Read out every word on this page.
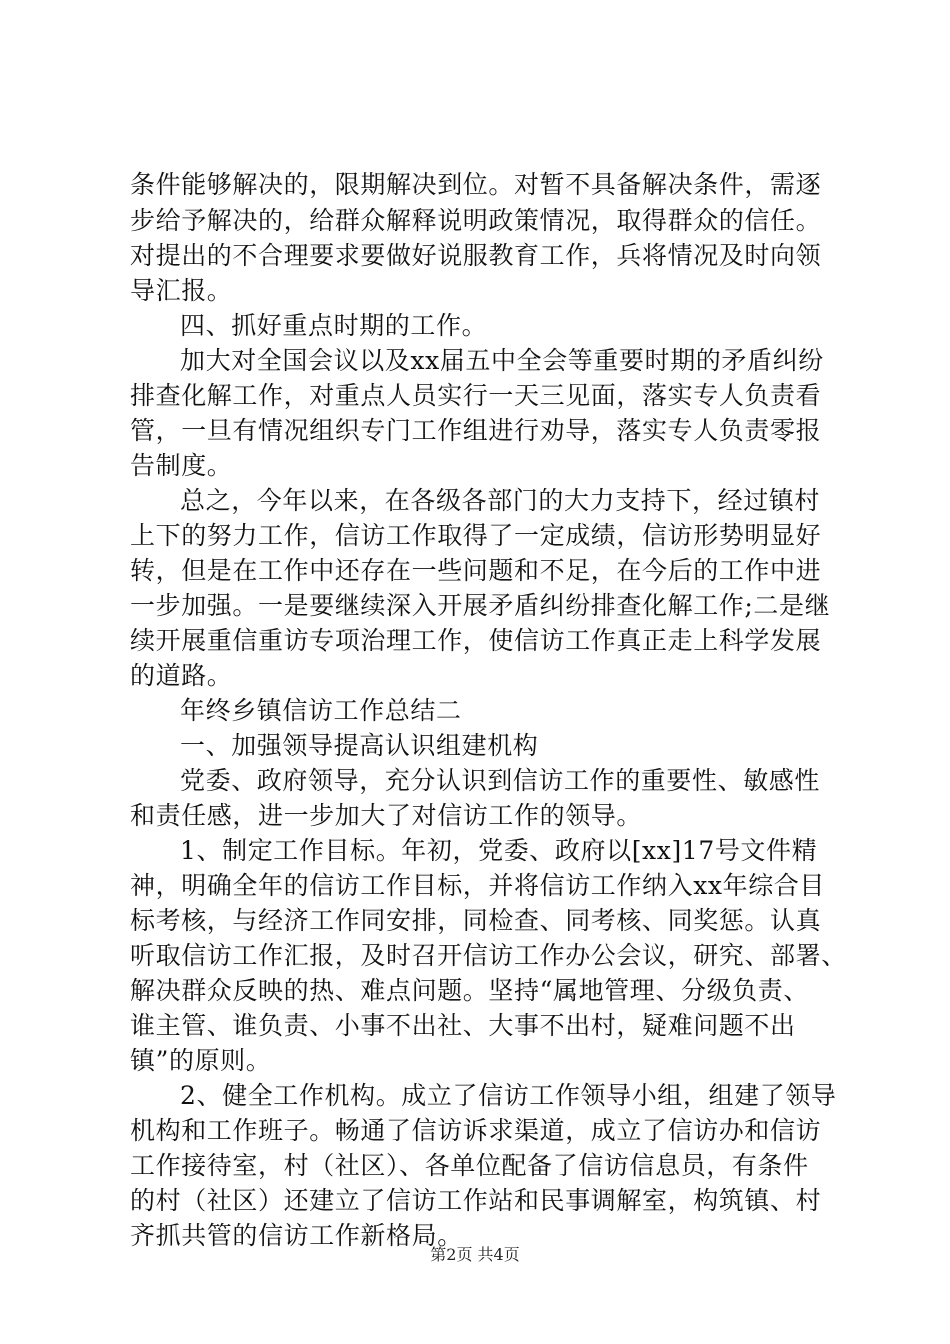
条件能够解决的，限期解决到位。对暂不具备解决条件，需逐
步给予解决的，给群众解释说明政策情况，取得群众的信任。
对提出的不合理要求要做好说服教育工作，兵将情况及时向领
导汇报。
四、抓好重点时期的工作。
加大对全国会议以及xx届五中全会等重要时期的矛盾纠纷
排查化解工作，对重点人员实行一天三见面，落实专人负责看
管，一旦有情况组织专门工作组进行劝导，落实专人负责零报
告制度。
总之，今年以来，在各级各部门的大力支持下，经过镇村
上下的努力工作，信访工作取得了一定成绩，信访形势明显好
转，但是在工作中还存在一些问题和不足，在今后的工作中进
一步加强。一是要继续深入开展矛盾纠纷排查化解工作;二是继
续开展重信重访专项治理工作，使信访工作真正走上科学发展
的道路。
年终乡镇信访工作总结二
一、加强领导提高认识组建机构
党委、政府领导，充分认识到信访工作的重要性、敏感性
和责任感，进一步加大了对信访工作的领导。
1、制定工作目标。年初，党委、政府以[xx]17号文件精
神，明确全年的信访工作目标，并将信访工作纳入xx年综合目
标考核，与经济工作同安排，同检查、同考核、同奖惩。认真
听取信访工作汇报，及时召开信访工作办公会议，研究、部署、
解决群众反映的热、难点问题。坚持“属地管理、分级负责、
谁主管、谁负责、小事不出社、大事不出村，疑难问题不出
镇”的原则。
2、健全工作机构。成立了信访工作领导小组，组建了领导
机构和工作班子。畅通了信访诉求渠道，成立了信访办和信访
工作接待室，村（社区）、各单位配备了信访信息员，有条件
的村（社区）还建立了信访工作站和民事调解室，构筑镇、村
齐抓共管的信访工作新格局。
第2页 共4页
